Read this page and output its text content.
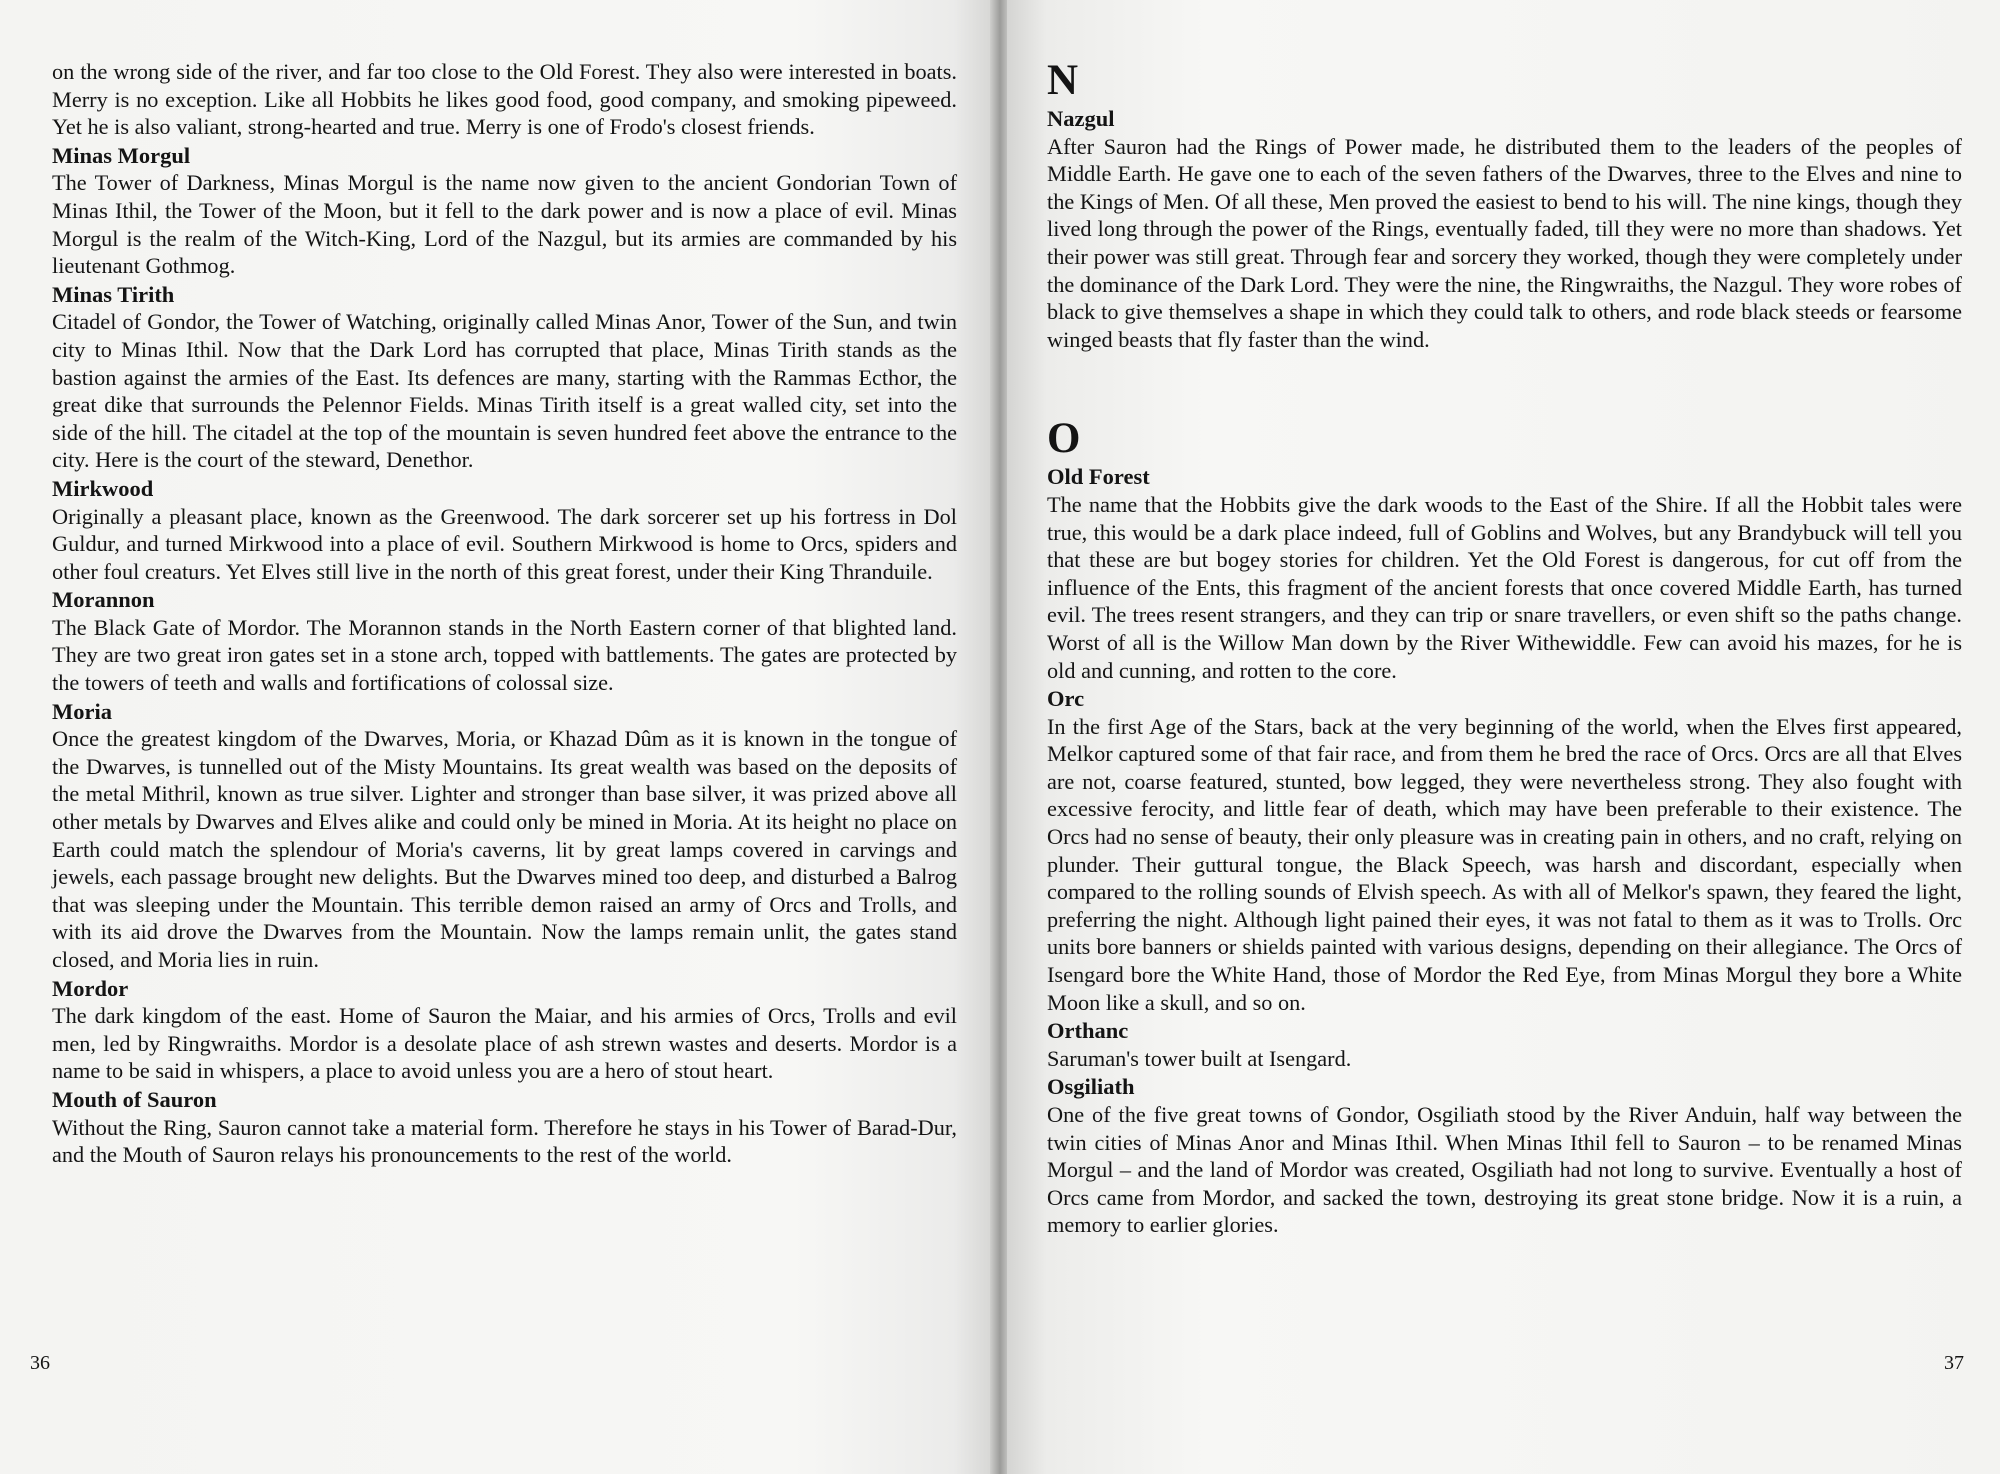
on the wrong side of the river, and far too close to the Old Forest. They also were interested in boats. Merry is no exception. Like all Hobbits he likes good food, good company, and smoking pipeweed. Yet he is also valiant, strong-hearted and true. Merry is one of Frodo's closest friends.
Minas Morgul
The Tower of Darkness, Minas Morgul is the name now given to the ancient Gondorian Town of Minas Ithil, the Tower of the Moon, but it fell to the dark power and is now a place of evil. Minas Morgul is the realm of the Witch-King, Lord of the Nazgul, but its armies are commanded by his lieutenant Gothmog.
Minas Tirith
Citadel of Gondor, the Tower of Watching, originally called Minas Anor, Tower of the Sun, and twin city to Minas Ithil. Now that the Dark Lord has corrupted that place, Minas Tirith stands as the bastion against the armies of the East. Its defences are many, starting with the Rammas Ecthor, the great dike that surrounds the Pelennor Fields. Minas Tirith itself is a great walled city, set into the side of the hill. The citadel at the top of the mountain is seven hundred feet above the entrance to the city. Here is the court of the steward, Denethor.
Mirkwood
Originally a pleasant place, known as the Greenwood. The dark sorcerer set up his fortress in Dol Guldur, and turned Mirkwood into a place of evil. Southern Mirkwood is home to Orcs, spiders and other foul creaturs. Yet Elves still live in the north of this great forest, under their King Thranduile.
Morannon
The Black Gate of Mordor. The Morannon stands in the North Eastern corner of that blighted land. They are two great iron gates set in a stone arch, topped with battlements. The gates are protected by the towers of teeth and walls and fortifications of colossal size.
Moria
Once the greatest kingdom of the Dwarves, Moria, or Khazad Dûm as it is known in the tongue of the Dwarves, is tunnelled out of the Misty Mountains. Its great wealth was based on the deposits of the metal Mithril, known as true silver. Lighter and stronger than base silver, it was prized above all other metals by Dwarves and Elves alike and could only be mined in Moria. At its height no place on Earth could match the splendour of Moria's caverns, lit by great lamps covered in carvings and jewels, each passage brought new delights. But the Dwarves mined too deep, and disturbed a Balrog that was sleeping under the Mountain. This terrible demon raised an army of Orcs and Trolls, and with its aid drove the Dwarves from the Mountain. Now the lamps remain unlit, the gates stand closed, and Moria lies in ruin.
Mordor
The dark kingdom of the east. Home of Sauron the Maiar, and his armies of Orcs, Trolls and evil men, led by Ringwraiths. Mordor is a desolate place of ash strewn wastes and deserts. Mordor is a name to be said in whispers, a place to avoid unless you are a hero of stout heart.
Mouth of Sauron
Without the Ring, Sauron cannot take a material form. Therefore he stays in his Tower of Barad-Dur, and the Mouth of Sauron relays his pronouncements to the rest of the world.
36
N
Nazgul
After Sauron had the Rings of Power made, he distributed them to the leaders of the peoples of Middle Earth. He gave one to each of the seven fathers of the Dwarves, three to the Elves and nine to the Kings of Men. Of all these, Men proved the easiest to bend to his will. The nine kings, though they lived long through the power of the Rings, eventually faded, till they were no more than shadows. Yet their power was still great. Through fear and sorcery they worked, though they were completely under the dominance of the Dark Lord. They were the nine, the Ringwraiths, the Nazgul. They wore robes of black to give themselves a shape in which they could talk to others, and rode black steeds or fearsome winged beasts that fly faster than the wind.
O
Old Forest
The name that the Hobbits give the dark woods to the East of the Shire. If all the Hobbit tales were true, this would be a dark place indeed, full of Goblins and Wolves, but any Brandybuck will tell you that these are but bogey stories for children. Yet the Old Forest is dangerous, for cut off from the influence of the Ents, this fragment of the ancient forests that once covered Middle Earth, has turned evil. The trees resent strangers, and they can trip or snare travellers, or even shift so the paths change. Worst of all is the Willow Man down by the River Withewiddle. Few can avoid his mazes, for he is old and cunning, and rotten to the core.
Orc
In the first Age of the Stars, back at the very beginning of the world, when the Elves first appeared, Melkor captured some of that fair race, and from them he bred the race of Orcs. Orcs are all that Elves are not, coarse featured, stunted, bow legged, they were nevertheless strong. They also fought with excessive ferocity, and little fear of death, which may have been preferable to their existence. The Orcs had no sense of beauty, their only pleasure was in creating pain in others, and no craft, relying on plunder. Their guttural tongue, the Black Speech, was harsh and discordant, especially when compared to the rolling sounds of Elvish speech. As with all of Melkor's spawn, they feared the light, preferring the night. Although light pained their eyes, it was not fatal to them as it was to Trolls. Orc units bore banners or shields painted with various designs, depending on their allegiance. The Orcs of Isengard bore the White Hand, those of Mordor the Red Eye, from Minas Morgul they bore a White Moon like a skull, and so on.
Orthanc
Saruman's tower built at Isengard.
Osgiliath
One of the five great towns of Gondor, Osgiliath stood by the River Anduin, half way between the twin cities of Minas Anor and Minas Ithil. When Minas Ithil fell to Sauron – to be renamed Minas Morgul – and the land of Mordor was created, Osgiliath had not long to survive. Eventually a host of Orcs came from Mordor, and sacked the town, destroying its great stone bridge. Now it is a ruin, a memory to earlier glories.
37
